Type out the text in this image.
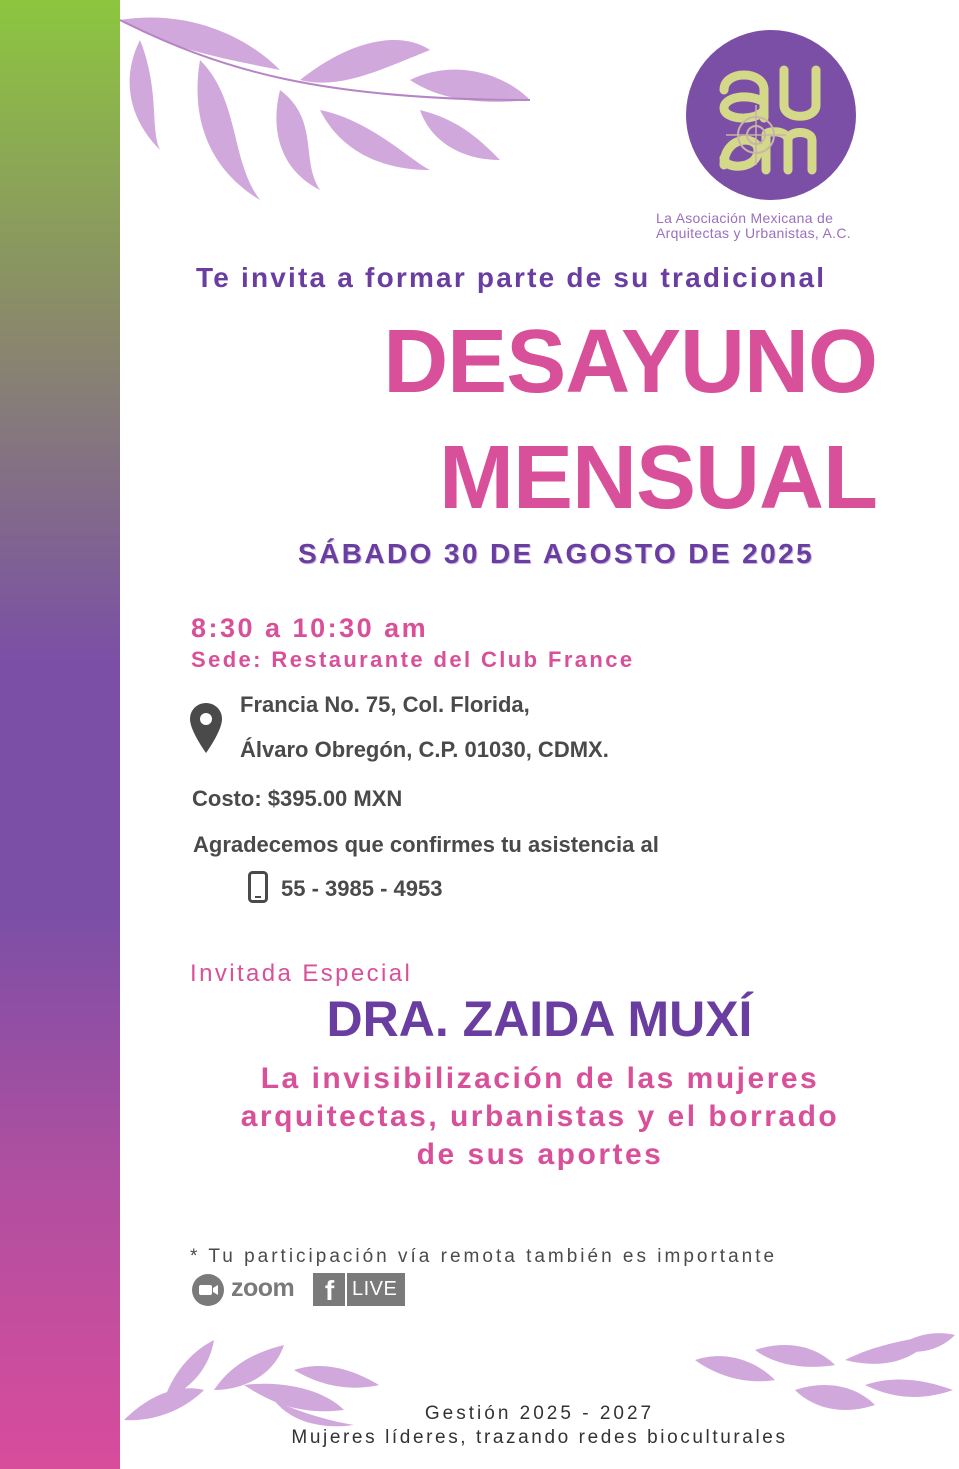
La Asociación Mexicana de
Arquitectas y Urbanistas, A.C.
Te invita a formar parte de su tradicional
DESAYUNO
MENSUAL
SÁBADO 30 DE AGOSTO DE 2025
8:30 a 10:30 am
Sede: Restaurante del Club France
Francia No. 75, Col. Florida,
Álvaro Obregón, C.P. 01030, CDMX.
Costo: $395.00 MXN
Agradecemos que confirmes tu asistencia al
55 - 3985 - 4953
Invitada Especial
DRA. ZAIDA MUXÍ
La invisibilización de las mujeres
arquitectas, urbanistas y el borrado
de sus aportes
* Tu participación vía remota también es importante
zoom	f LIVE
Gestión 2025 - 2027
Mujeres líderes, trazando redes bioculturales
